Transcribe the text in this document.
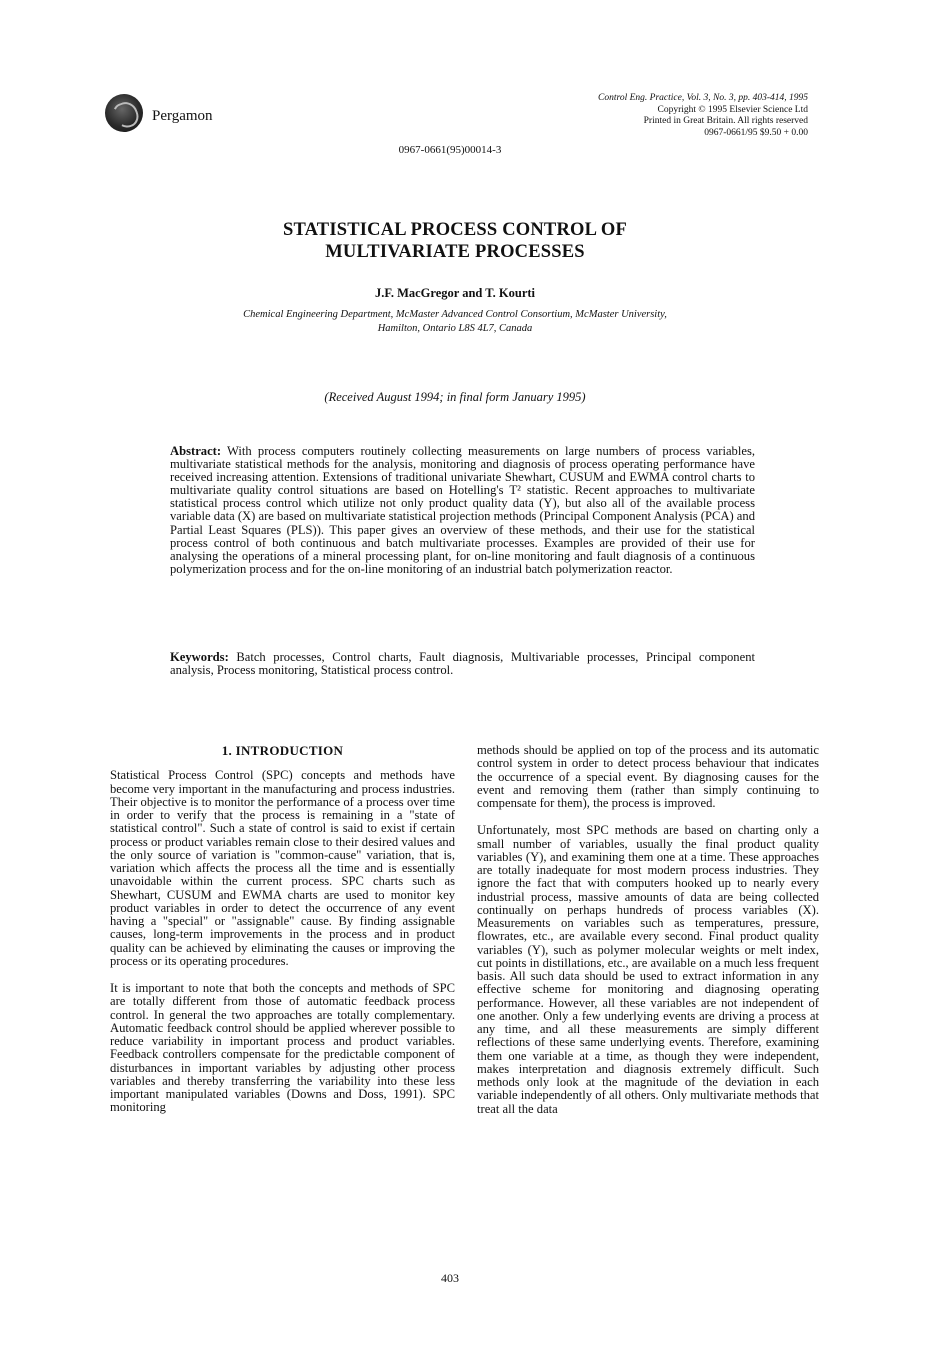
Pergamon
Control Eng. Practice, Vol. 3, No. 3, pp. 403-414, 1995
Copyright © 1995 Elsevier Science Ltd
Printed in Great Britain. All rights reserved
0967-0661/95 $9.50 + 0.00
0967-0661(95)00014-3
STATISTICAL PROCESS CONTROL OF
MULTIVARIATE PROCESSES
J.F. MacGregor and T. Kourti
Chemical Engineering Department, McMaster Advanced Control Consortium, McMaster University,
Hamilton, Ontario L8S 4L7, Canada
(Received August 1994; in final form January 1995)
Abstract: With process computers routinely collecting measurements on large numbers of process variables, multivariate statistical methods for the analysis, monitoring and diagnosis of process operating performance have received increasing attention. Extensions of traditional univariate Shewhart, CUSUM and EWMA control charts to multivariate quality control situations are based on Hotelling's T² statistic. Recent approaches to multivariate statistical process control which utilize not only product quality data (Y), but also all of the available process variable data (X) are based on multivariate statistical projection methods (Principal Component Analysis (PCA) and Partial Least Squares (PLS)). This paper gives an overview of these methods, and their use for the statistical process control of both continuous and batch multivariate processes. Examples are provided of their use for analysing the operations of a mineral processing plant, for on-line monitoring and fault diagnosis of a continuous polymerization process and for the on-line monitoring of an industrial batch polymerization reactor.
Keywords: Batch processes, Control charts, Fault diagnosis, Multivariable processes, Principal component analysis, Process monitoring, Statistical process control.
1. INTRODUCTION

Statistical Process Control (SPC) concepts and methods have become very important in the manufacturing and process industries. Their objective is to monitor the performance of a process over time in order to verify that the process is remaining in a "state of statistical control". Such a state of control is said to exist if certain process or product variables remain close to their desired values and the only source of variation is "common-cause" variation, that is, variation which affects the process all the time and is essentially unavoidable within the current process. SPC charts such as Shewhart, CUSUM and EWMA charts are used to monitor key product variables in order to detect the occurrence of any event having a "special" or "assignable" cause. By finding assignable causes, long-term improvements in the process and in product quality can be achieved by eliminating the causes or improving the process or its operating procedures.

It is important to note that both the concepts and methods of SPC are totally different from those of automatic feedback process control. In general the two approaches are totally complementary. Automatic feedback control should be applied wherever possible to reduce variability in important process and product variables. Feedback controllers compensate for the predictable component of disturbances in important variables by adjusting other process variables and thereby transferring the variability into these less important manipulated variables (Downs and Doss, 1991). SPC monitoring

methods should be applied on top of the process and its automatic control system in order to detect process behaviour that indicates the occurrence of a special event. By diagnosing causes for the event and removing them (rather than simply continuing to compensate for them), the process is improved.

Unfortunately, most SPC methods are based on charting only a small number of variables, usually the final product quality variables (Y), and examining them one at a time. These approaches are totally inadequate for most modern process industries. They ignore the fact that with computers hooked up to nearly every industrial process, massive amounts of data are being collected continually on perhaps hundreds of process variables (X). Measurements on variables such as temperatures, pressure, flowrates, etc., are available every second. Final product quality variables (Y), such as polymer molecular weights or melt index, cut points in distillations, etc., are available on a much less frequent basis. All such data should be used to extract information in any effective scheme for monitoring and diagnosing operating performance. However, all these variables are not independent of one another. Only a few underlying events are driving a process at any time, and all these measurements are simply different reflections of these same underlying events. Therefore, examining them one variable at a time, as though they were independent, makes interpretation and diagnosis extremely difficult. Such methods only look at the magnitude of the deviation in each variable independently of all others. Only multivariate methods that treat all the data

403
